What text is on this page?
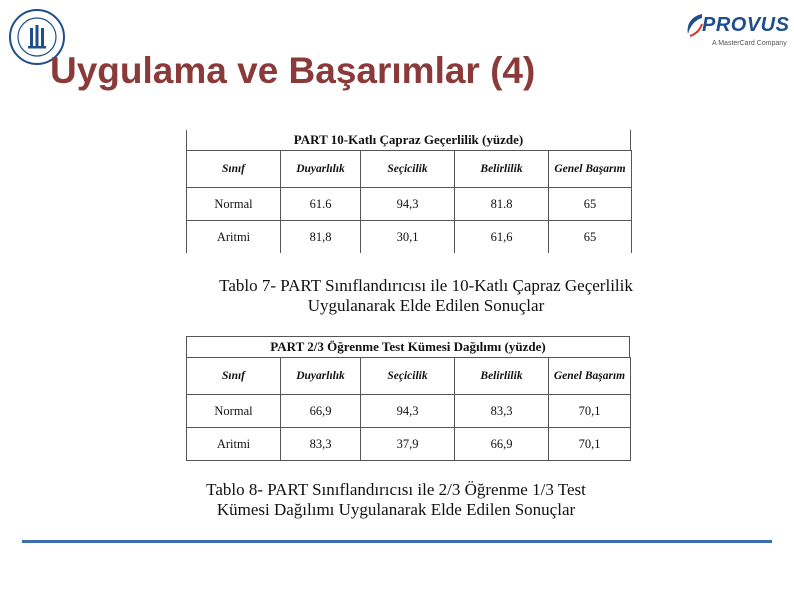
PROVUS
A MasterCard Company
Uygulama ve Başarımlar (4)
PART 10-Katlı Çapraz Geçerlilik (yüzde)
Sınıf	Duyarlılık	Seçicilik	Belirlilik	Genel Başarım
Normal	61.6	94,3	81.8	65
Aritmi	81,8	30,1	61,6	65
Tablo 7- PART Sınıflandırıcısı ile 10-Katlı Çapraz Geçerlilik
Uygulanarak Elde Edilen Sonuçlar
PART 2/3 Öğrenme Test Kümesi Dağılımı (yüzde)
Sınıf	Duyarlılık	Seçicilik	Belirlilik	Genel Başarım
Normal	66,9	94,3	83,3	70,1
Aritmi	83,3	37,9	66,9	70,1
Tablo 8- PART Sınıflandırıcısı ile 2/3 Öğrenme 1/3 Test
Kümesi Dağılımı Uygulanarak Elde Edilen Sonuçlar
